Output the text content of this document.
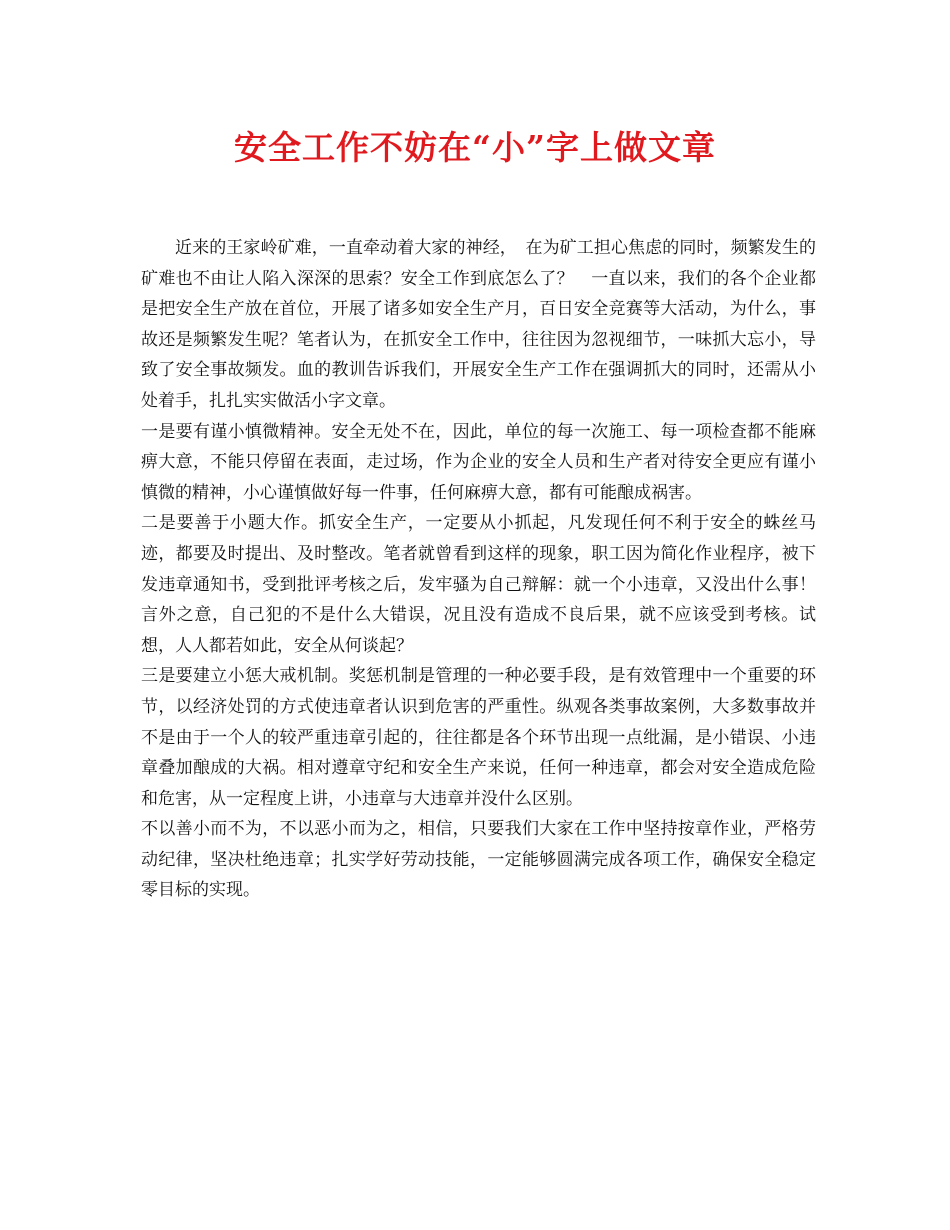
安全工作不妨在“小”字上做文章

近来的王家岭矿难，一直牵动着大家的神经，　在为矿工担心焦虑的同时，频繁发生的矿难也不由让人陷入深深的思索？安全工作到底怎么了？　一直以来，我们的各个企业都是把安全生产放在首位，开展了诸多如安全生产月，百日安全竞赛等大活动，为什么，事故还是频繁发生呢？笔者认为，在抓安全工作中，往往因为忽视细节，一味抓大忘小，导致了安全事故频发。血的教训告诉我们，开展安全生产工作在强调抓大的同时，还需从小处着手，扎扎实实做活小字文章。

一是要有谨小慎微精神。安全无处不在，因此，单位的每一次施工、每一项检查都不能麻痹大意，不能只停留在表面，走过场，作为企业的安全人员和生产者对待安全更应有谨小慎微的精神，小心谨慎做好每一件事，任何麻痹大意，都有可能酿成祸害。

二是要善于小题大作。抓安全生产，一定要从小抓起，凡发现任何不利于安全的蛛丝马迹，都要及时提出、及时整改。笔者就曾看到这样的现象，职工因为简化作业程序，被下发违章通知书，受到批评考核之后，发牢骚为自己辩解：就一个小违章，又没出什么事！言外之意，自己犯的不是什么大错误，况且没有造成不良后果，就不应该受到考核。试想，人人都若如此，安全从何谈起？

三是要建立小惩大戒机制。奖惩机制是管理的一种必要手段，是有效管理中一个重要的环节，以经济处罚的方式使违章者认识到危害的严重性。纵观各类事故案例，大多数事故并不是由于一个人的较严重违章引起的，往往都是各个环节出现一点纰漏，是小错误、小违章叠加酿成的大祸。相对遵章守纪和安全生产来说，任何一种违章，都会对安全造成危险和危害，从一定程度上讲，小违章与大违章并没什么区别。

不以善小而不为，不以恶小而为之，相信，只要我们大家在工作中坚持按章作业，严格劳动纪律，坚决杜绝违章；扎实学好劳动技能，一定能够圆满完成各项工作，确保安全稳定零目标的实现。
